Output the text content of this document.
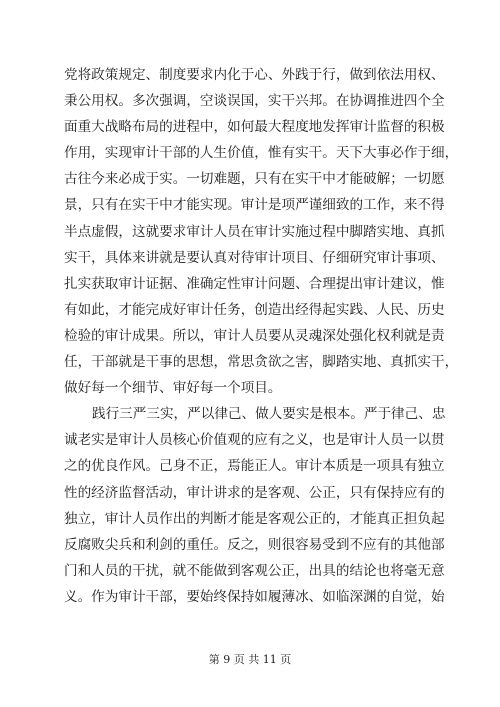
党将政策规定、制度要求内化于心、外践于行，做到依法用权、
秉公用权。多次强调，空谈误国，实干兴邦。在协调推进四个全
面重大战略布局的进程中，如何最大程度地发挥审计监督的积极
作用，实现审计干部的人生价值，惟有实干。天下大事必作于细，
古往今来必成于实。一切难题，只有在实干中才能破解；一切愿
景，只有在实干中才能实现。审计是项严谨细致的工作，来不得
半点虚假，这就要求审计人员在审计实施过程中脚踏实地、真抓
实干，具体来讲就是要认真对待审计项目、仔细研究审计事项、
扎实获取审计证据、准确定性审计问题、合理提出审计建议，惟
有如此，才能完成好审计任务，创造出经得起实践、人民、历史
检验的审计成果。所以，审计人员要从灵魂深处强化权利就是责
任，干部就是干事的思想，常思贪欲之害，脚踏实地、真抓实干，
做好每一个细节、审好每一个项目。
践行三严三实，严以律己、做人要实是根本。严于律己、忠
诚老实是审计人员核心价值观的应有之义，也是审计人员一以贯
之的优良作风。己身不正，焉能正人。审计本质是一项具有独立
性的经济监督活动，审计讲求的是客观、公正，只有保持应有的
独立，审计人员作出的判断才能是客观公正的，才能真正担负起
反腐败尖兵和利剑的重任。反之，则很容易受到不应有的其他部
门和人员的干扰，就不能做到客观公正，出具的结论也将毫无意
义。作为审计干部，要始终保持如履薄冰、如临深渊的自觉，始
第 9 页 共 11 页
